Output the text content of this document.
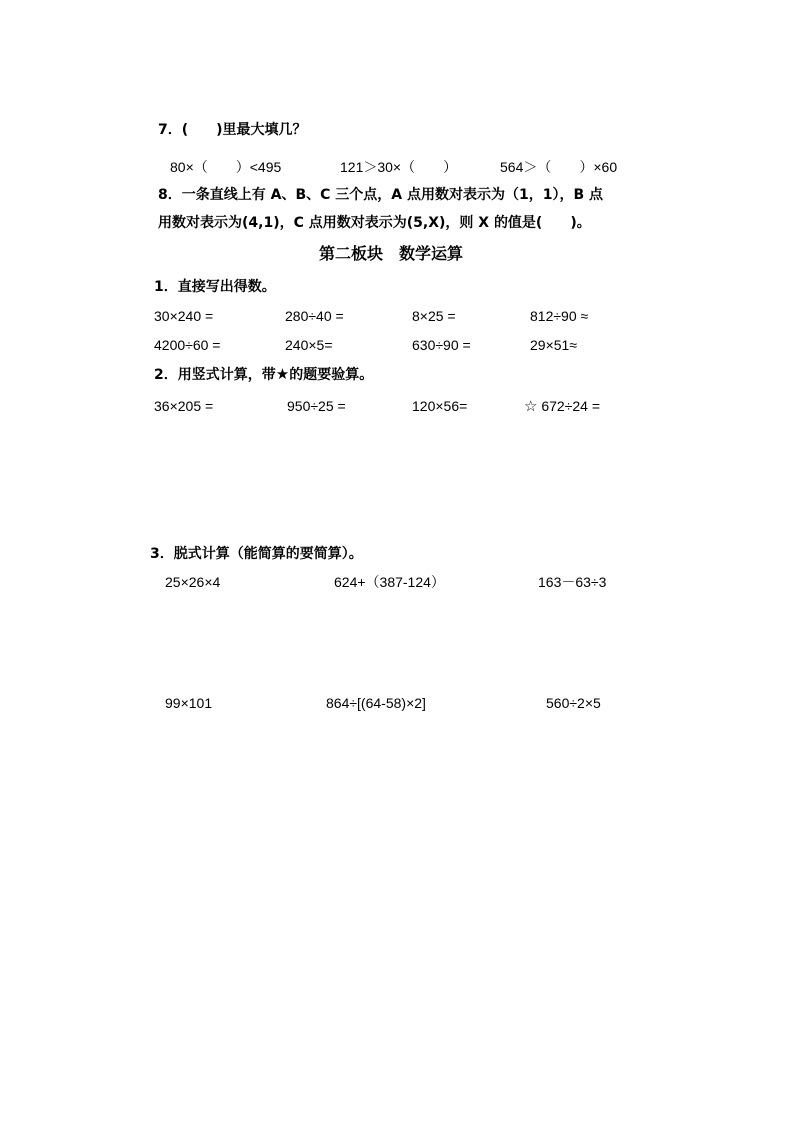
7．(　　)里最大填几？
80×（　　）<495	121＞30×（　　）	564＞（　　）×60
8．一条直线上有 A、B、C 三个点，A 点用数对表示为（1，1），B 点
用数对表示为(4,1)，C 点用数对表示为(5,X)，则 X 的值是(　　)。
第二板块　数学运算
1．直接写出得数。
30×240 =	280÷40 =	8×25 =	812÷90 ≈
4200÷60 =	240×5=	630÷90 =	29×51≈
2．用竖式计算，带★的题要验算。
36×205 =	950÷25 =	120×56=	☆ 672÷24 =
3．脱式计算（能简算的要简算）。
25×26×4	624+（387-124）	163－63÷3
99×101	864÷[(64-58)×2]	560÷2×5
